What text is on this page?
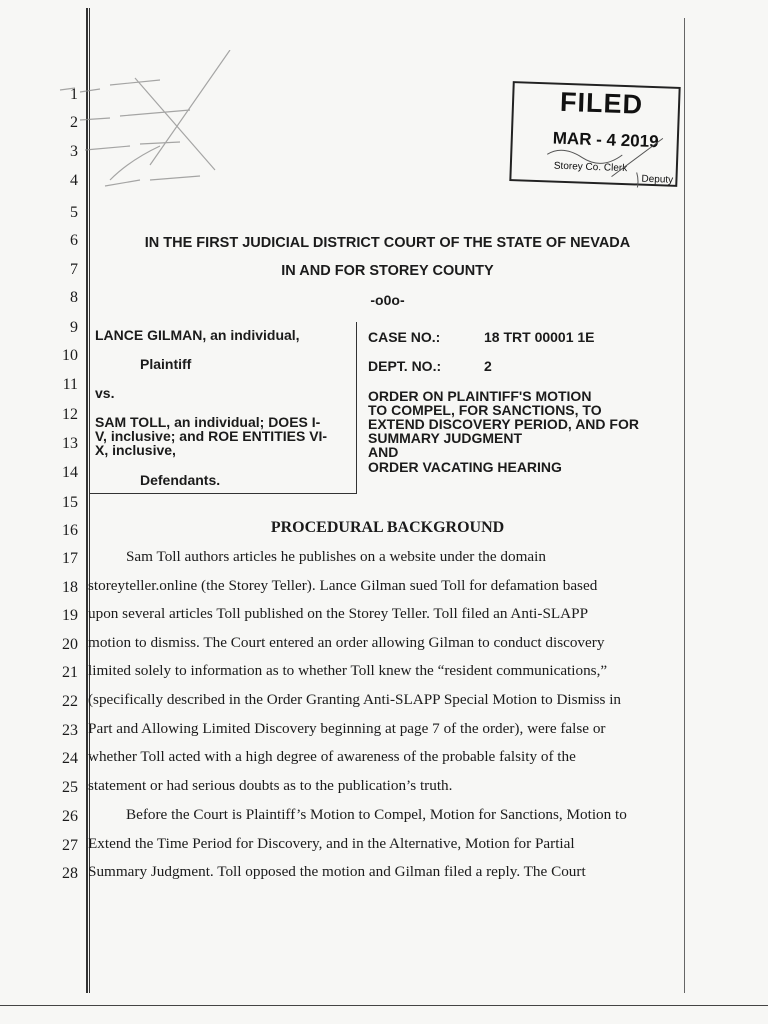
1
2
3
4
5
6
7
8
9
10
11
12
13
14
15
16
17
18
19
20
21
22
23
24
25
26
27
28
FILED
MAR - 4 2019
Storey Co. Clerk
Deputy
IN THE FIRST JUDICIAL DISTRICT COURT OF THE STATE OF NEVADA
IN AND FOR STOREY COUNTY
-o0o-
LANCE GILMAN, an individual,
Plaintiff
vs.
SAM TOLL, an individual; DOES I-
V, inclusive; and ROE ENTITIES VI-
X, inclusive,
Defendants.
CASE NO.:	18 TRT 00001 1E
DEPT. NO.:	2
ORDER ON PLAINTIFF'S MOTION
TO COMPEL, FOR SANCTIONS, TO
EXTEND DISCOVERY PERIOD, AND FOR
SUMMARY JUDGMENT
AND
ORDER VACATING HEARING
PROCEDURAL BACKGROUND
Sam Toll authors articles he publishes on a website under the domain
storeyteller.online (the Storey Teller). Lance Gilman sued Toll for defamation based
upon several articles Toll published on the Storey Teller. Toll filed an Anti-SLAPP
motion to dismiss. The Court entered an order allowing Gilman to conduct discovery
limited solely to information as to whether Toll knew the “resident communications,”
(specifically described in the Order Granting Anti-SLAPP Special Motion to Dismiss in
Part and Allowing Limited Discovery beginning at page 7 of the order), were false or
whether Toll acted with a high degree of awareness of the probable falsity of the
statement or had serious doubts as to the publication’s truth.
Before the Court is Plaintiff’s Motion to Compel, Motion for Sanctions, Motion to
Extend the Time Period for Discovery, and in the Alternative, Motion for Partial
Summary Judgment. Toll opposed the motion and Gilman filed a reply. The Court
